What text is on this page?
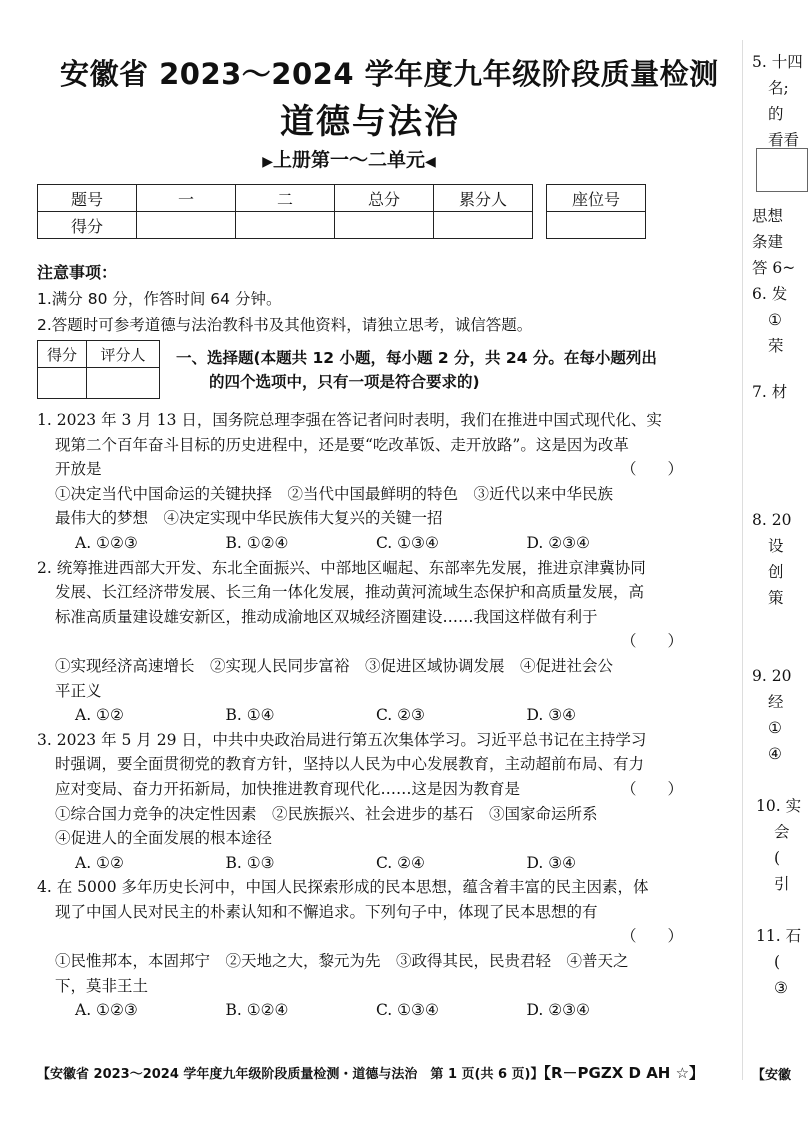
安徽省 2023～2024 学年度九年级阶段质量检测
道德与法治
▶上册第一～二单元◀
题号	一	二	总分	累分人
得分				
座位号

注意事项：
1.满分 80 分，作答时间 64 分钟。
2.答题时可参考道德与法治教科书及其他资料，请独立思考，诚信答题。
得分	评分人
	一、选择题(本题共 12 小题，每小题 2 分，共 24 分。在每小题列出
的四个选项中，只有一项是符合要求的)

1. 2023 年 3 月 13 日，国务院总理李强在答记者问时表明，我们在推进中国式现代化、实

现第二个百年奋斗目标的历史进程中，还是要“吃改革饭、走开放路”。这是因为改革

开放是	（　　）

①决定当代中国命运的关键抉择　②当代中国最鲜明的特色　③近代以来中华民族

最伟大的梦想　④决定实现中华民族伟大复兴的关键一招

A. ①②③	B. ①②④	C. ①③④	D. ②③④

2. 统筹推进西部大开发、东北全面振兴、中部地区崛起、东部率先发展，推进京津冀协同

发展、长江经济带发展、长三角一体化发展，推动黄河流域生态保护和高质量发展，高

标准高质量建设雄安新区，推动成渝地区双城经济圈建设……我国这样做有利于

（　　）

①实现经济高速增长　②实现人民同步富裕　③促进区域协调发展　④促进社会公

平正义

A. ①②	B. ①④	C. ②③	D. ③④

3. 2023 年 5 月 29 日，中共中央政治局进行第五次集体学习。习近平总书记在主持学习

时强调，要全面贯彻党的教育方针，坚持以人民为中心发展教育，主动超前布局、有力

应对变局、奋力开拓新局，加快推进教育现代化……这是因为教育是	（　　）

①综合国力竞争的决定性因素　②民族振兴、社会进步的基石　③国家命运所系

④促进人的全面发展的根本途径

A. ①②	B. ①③	C. ②④	D. ③④

4. 在 5000 多年历史长河中，中国人民探索形成的民本思想，蕴含着丰富的民主因素，体

现了中国人民对民主的朴素认知和不懈追求。下列句子中，体现了民本思想的有

（　　）

①民惟邦本，本固邦宁　②天地之大，黎元为先　③政得其民，民贵君轻　④普天之

下，莫非王土

A. ①②③	B. ①②④	C. ①③④	D. ②③④
【安徽省 2023～2024 学年度九年级阶段质量检测・道德与法治　第 1 页(共 6 页)】【R－PGZX D AH ☆】
5. 十四
名;
的
看看
思想
条建
答 6~
6. 发
①
荣
7. 材
8. 20
设
创
策
9. 20
经
①
④
10. 实
会
(
引
11. 石
(
③
【安徽
